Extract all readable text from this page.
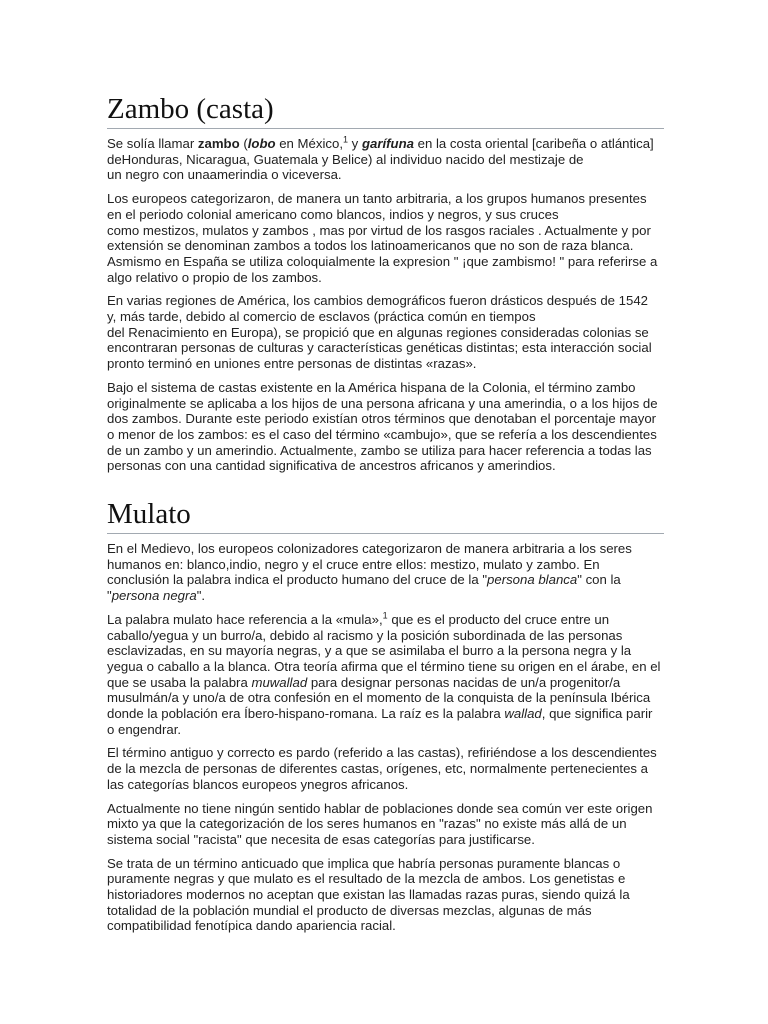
Zambo (casta)

Se solía llamar zambo (lobo en México,$^1$ y garífuna en la costa oriental [caribeña o atlántica]
deHonduras, Nicaragua, Guatemala y Belice) al individuo nacido del mestizaje de
un negro con unaamerindia o viceversa.

Los europeos categorizaron, de manera un tanto arbitraria, a los grupos humanos presentes
en el periodo colonial americano como blancos, indios y negros, y sus cruces
como mestizos, mulatos y zambos , mas por virtud de los rasgos raciales . Actualmente y por
extensión se denominan zambos a todos los latinoamericanos que no son de raza blanca.
Asmismo en España se utiliza coloquialmente la expresion " ¡que zambismo! " para referirse a
algo relativo o propio de los zambos.

En varias regiones de América, los cambios demográficos fueron drásticos después de 1542
y, más tarde, debido al comercio de esclavos (práctica común en tiempos
del Renacimiento en Europa), se propició que en algunas regiones consideradas colonias se
encontraran personas de culturas y características genéticas distintas; esta interacción social
pronto terminó en uniones entre personas de distintas «razas».

Bajo el sistema de castas existente en la América hispana de la Colonia, el término zambo
originalmente se aplicaba a los hijos de una persona africana y una amerindia, o a los hijos de
dos zambos. Durante este periodo existían otros términos que denotaban el porcentaje mayor
o menor de los zambos: es el caso del término «cambujo», que se refería a los descendientes
de un zambo y un amerindio. Actualmente, zambo se utiliza para hacer referencia a todas las
personas con una cantidad significativa de ancestros africanos y amerindios.

Mulato

En el Medievo, los europeos colonizadores categorizaron de manera arbitraria a los seres
humanos en: blanco,indio, negro y el cruce entre ellos: mestizo, mulato y zambo. En
conclusión la palabra indica el producto humano del cruce de la "persona blanca" con la
"persona negra".

La palabra mulato hace referencia a la «mula»,$^1$ que es el producto del cruce entre un
caballo/yegua y un burro/a, debido al racismo y la posición subordinada de las personas
esclavizadas, en su mayoría negras, y a que se asimilaba el burro a la persona negra y la
yegua o caballo a la blanca. Otra teoría afirma que el término tiene su origen en el árabe, en el
que se usaba la palabra muwallad para designar personas nacidas de un/a progenitor/a
musulmán/a y uno/a de otra confesión en el momento de la conquista de la península Ibérica
donde la población era Íbero-hispano-romana. La raíz es la palabra wallad, que significa parir
o engendrar.

El término antiguo y correcto es pardo (referido a las castas), refiriéndose a los descendientes
de la mezcla de personas de diferentes castas, orígenes, etc, normalmente pertenecientes a
las categorías blancos europeos ynegros africanos.

Actualmente no tiene ningún sentido hablar de poblaciones donde sea común ver este origen
mixto ya que la categorización de los seres humanos en "razas" no existe más allá de un
sistema social "racista" que necesita de esas categorías para justificarse.

Se trata de un término anticuado que implica que habría personas puramente blancas o
puramente negras y que mulato es el resultado de la mezcla de ambos. Los genetistas e
historiadores modernos no aceptan que existan las llamadas razas puras, siendo quizá la
totalidad de la población mundial el producto de diversas mezclas, algunas de más
compatibilidad fenotípica dando apariencia racial.
